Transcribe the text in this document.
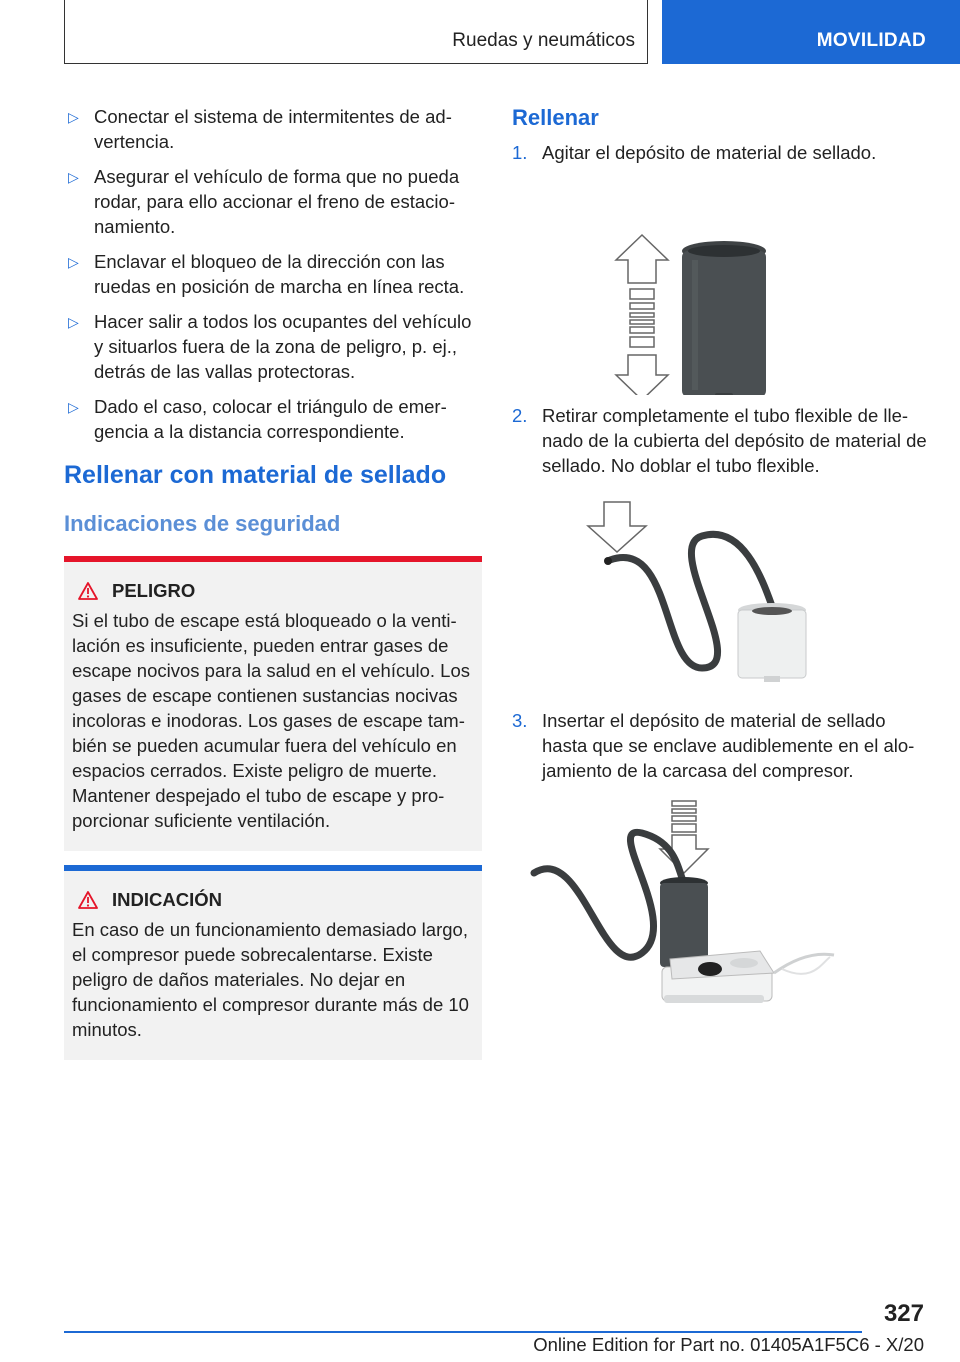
Ruedas y neumáticos	MOVILIDAD
▷ Conectar el sistema de intermitentes de advertencia.
▷ Asegurar el vehículo de forma que no pueda rodar, para ello accionar el freno de estacionamiento.
▷ Enclavar el bloqueo de la dirección con las ruedas en posición de marcha en línea recta.
▷ Hacer salir a todos los ocupantes del vehículo y situarlos fuera de la zona de peligro, p. ej., detrás de las vallas protectoras.
▷ Dado el caso, colocar el triángulo de emergencia a la distancia correspondiente.
Rellenar con material de sellado
Indicaciones de seguridad
PELIGRO
Si el tubo de escape está bloqueado o la ventilación es insuficiente, pueden entrar gases de escape nocivos para la salud en el vehículo. Los gases de escape contienen sustancias nocivas incoloras e inodoras. Los gases de escape también se pueden acumular fuera del vehículo en espacios cerrados. Existe peligro de muerte. Mantener despejado el tubo de escape y proporcionar suficiente ventilación.
INDICACIÓN
En caso de un funcionamiento demasiado largo, el compresor puede sobrecalentarse. Existe peligro de daños materiales. No dejar en funcionamiento el compresor durante más de 10 minutos.
Rellenar
1. Agitar el depósito de material de sellado.
2. Retirar completamente el tubo flexible de llenado de la cubierta del depósito de material de sellado. No doblar el tubo flexible.
3. Insertar el depósito de material de sellado hasta que se enclave audiblemente en el alojamiento de la carcasa del compresor.
327
Online Edition for Part no. 01405A1F5C6 - X/20
